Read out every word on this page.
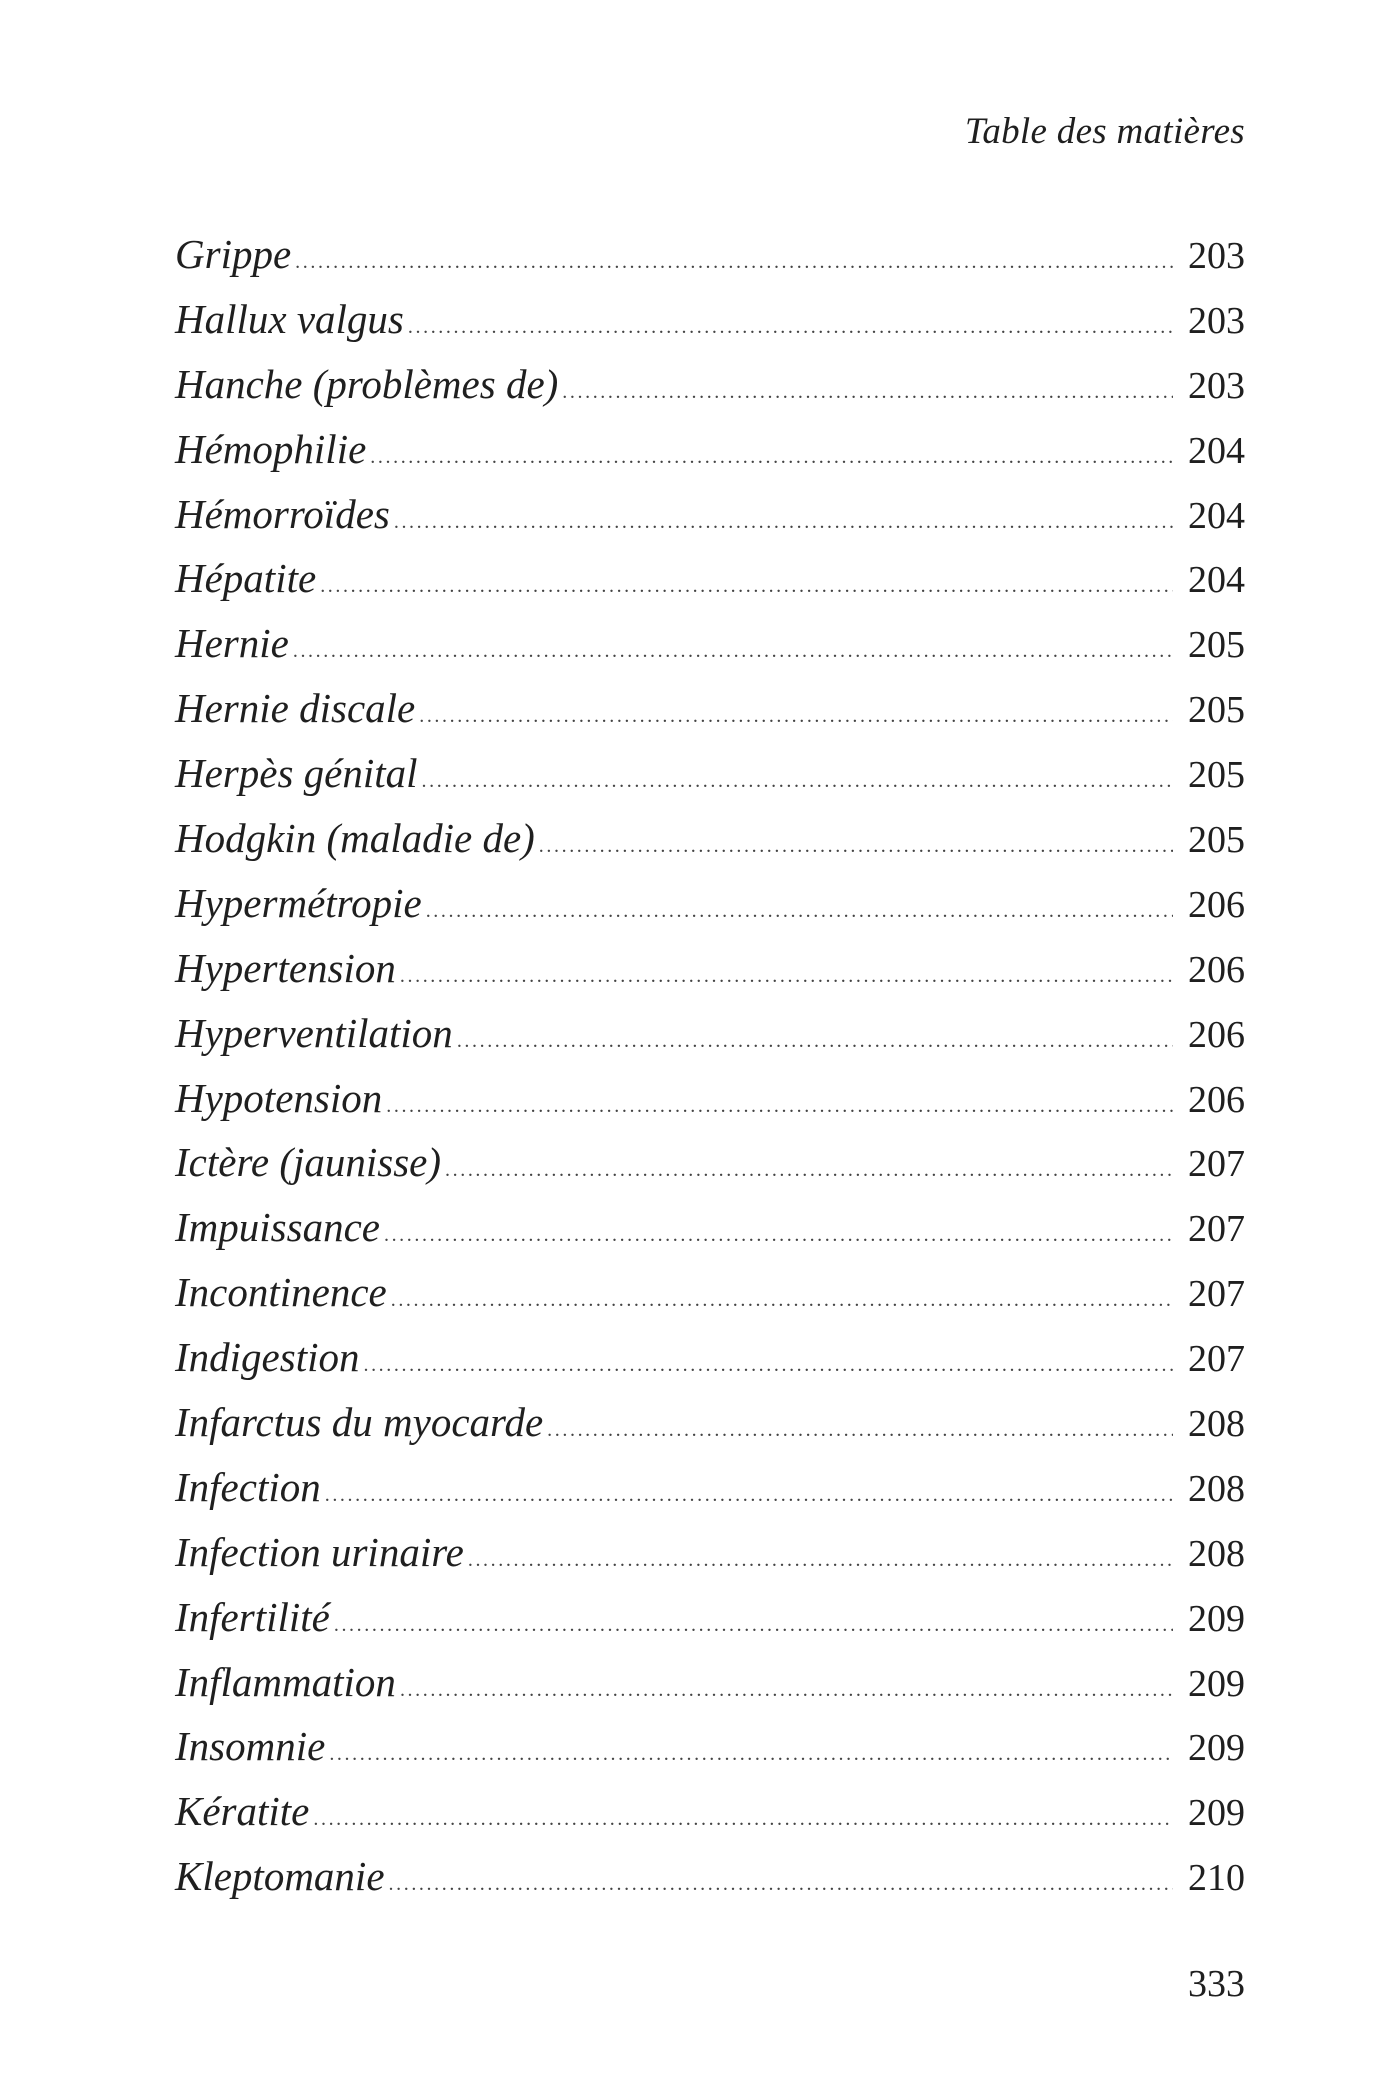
Table des matières
Grippe .....	203
Hallux valgus .....	203
Hanche (problèmes de) .....	203
Hémophilie .....	204
Hémorroïdes .....	204
Hépatite .....	204
Hernie .....	205
Hernie discale .....	205
Herpès génital .....	205
Hodgkin (maladie de) .....	205
Hypermétropie .....	206
Hypertension .....	206
Hyperventilation .....	206
Hypotension .....	206
Ictère (jaunisse) .....	207
Impuissance .....	207
Incontinence .....	207
Indigestion .....	207
Infarctus du myocarde .....	208
Infection .....	208
Infection urinaire .....	208
Infertilité .....	209
Inflammation .....	209
Insomnie .....	209
Kératite .....	209
Kleptomanie .....	210
333
